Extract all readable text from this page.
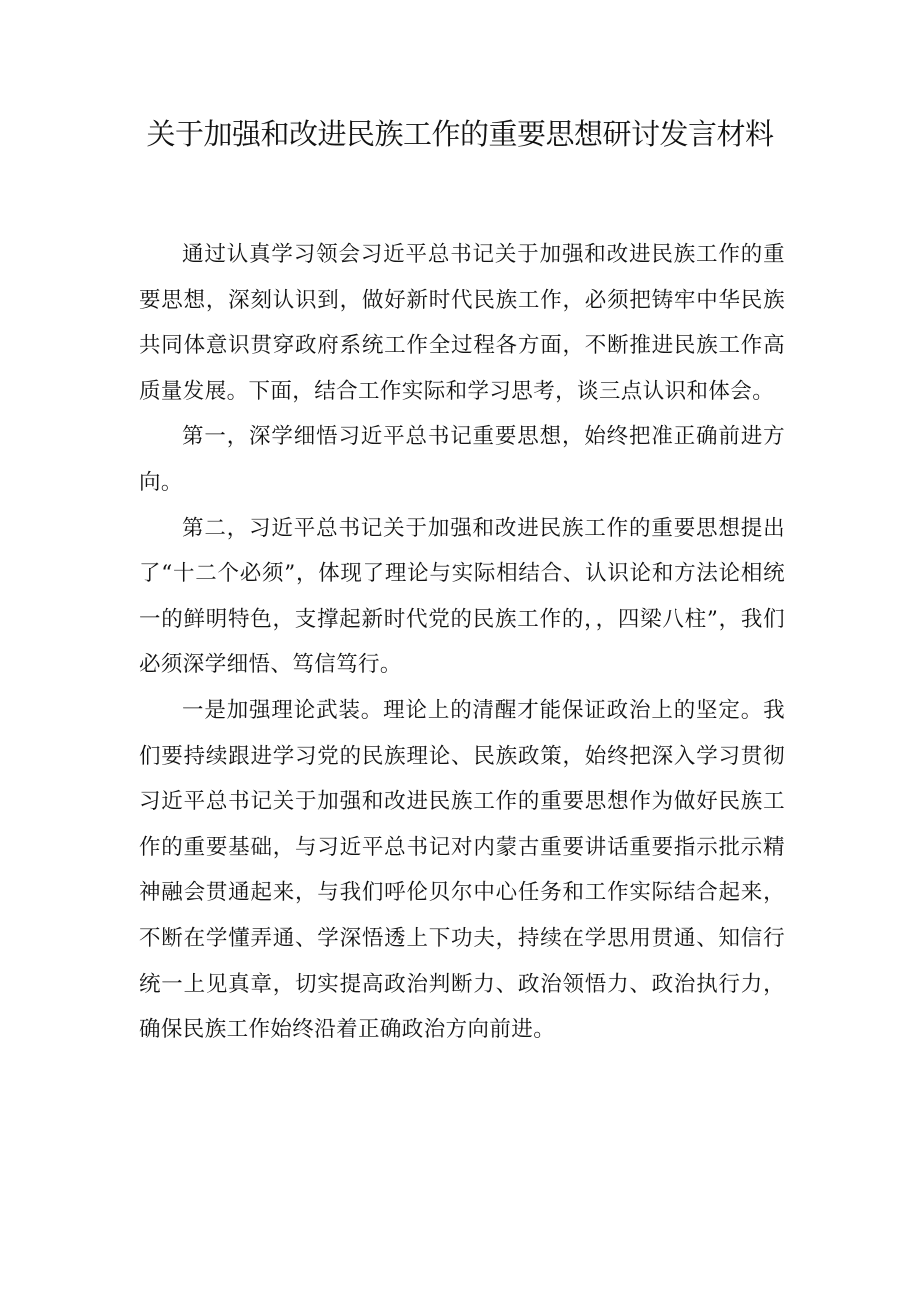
关于加强和改进民族工作的重要思想研讨发言材料

通过认真学习领会习近平总书记关于加强和改进民族工作的重要思想，深刻认识到，做好新时代民族工作，必须把铸牢中华民族共同体意识贯穿政府系统工作全过程各方面，不断推进民族工作高质量发展。下面，结合工作实际和学习思考，谈三点认识和体会。

第一，深学细悟习近平总书记重要思想，始终把准正确前进方向。

第二，习近平总书记关于加强和改进民族工作的重要思想提出了“十二个必须”，体现了理论与实际相结合、认识论和方法论相统一的鲜明特色，支撑起新时代党的民族工作的，，四梁八柱”，我们必须深学细悟、笃信笃行。

一是加强理论武装。理论上的清醒才能保证政治上的坚定。我们要持续跟进学习党的民族理论、民族政策，始终把深入学习贯彻习近平总书记关于加强和改进民族工作的重要思想作为做好民族工作的重要基础，与习近平总书记对内蒙古重要讲话重要指示批示精神融会贯通起来，与我们呼伦贝尔中心任务和工作实际结合起来，不断在学懂弄通、学深悟透上下功夫，持续在学思用贯通、知信行统一上见真章，切实提高政治判断力、政治领悟力、政治执行力，确保民族工作始终沿着正确政治方向前进。
